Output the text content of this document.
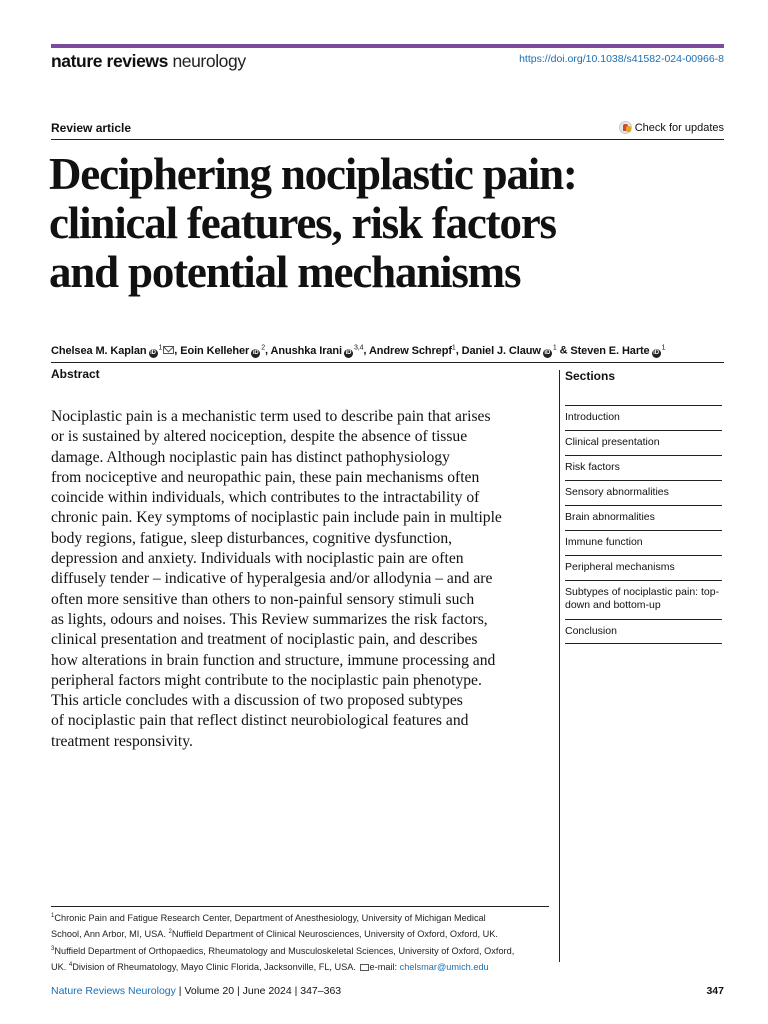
nature reviews neurology	https://doi.org/10.1038/s41582-024-00966-8
Review article	Check for updates
Deciphering nociplastic pain:
clinical features, risk factors
and potential mechanisms
Chelsea M. Kaplan iD$^1$ , Eoin Kelleher iD$^2$, Anushka Irani iD$^{3,4}$, Andrew Schrepf$^1$, Daniel J. Clauw iD$^1$ & Steven E. Harte iD$^1$
Abstract
Nociplastic pain is a mechanistic term used to describe pain that arises
or is sustained by altered nociception, despite the absence of tissue
damage. Although nociplastic pain has distinct pathophysiology
from nociceptive and neuropathic pain, these pain mechanisms often
coincide within individuals, which contributes to the intractability of
chronic pain. Key symptoms of nociplastic pain include pain in multiple
body regions, fatigue, sleep disturbances, cognitive dysfunction,
depression and anxiety. Individuals with nociplastic pain are often
diffusely tender – indicative of hyperalgesia and/or allodynia – and are
often more sensitive than others to non-painful sensory stimuli such
as lights, odours and noises. This Review summarizes the risk factors,
clinical presentation and treatment of nociplastic pain, and describes
how alterations in brain function and structure, immune processing and
peripheral factors might contribute to the nociplastic pain phenotype.
This article concludes with a discussion of two proposed subtypes
of nociplastic pain that reflect distinct neurobiological features and
treatment responsivity.
Sections
Introduction
Clinical presentation
Risk factors
Sensory abnormalities
Brain abnormalities
Immune function
Peripheral mechanisms
Subtypes of nociplastic pain: top-down and bottom-up
Conclusion
$^1$Chronic Pain and Fatigue Research Center, Department of Anesthesiology, University of Michigan Medical
School, Ann Arbor, MI, USA. $^2$Nuffield Department of Clinical Neurosciences, University of Oxford, Oxford, UK.
$^3$Nuffield Department of Orthopaedics, Rheumatology and Musculoskeletal Sciences, University of Oxford, Oxford,
UK. $^4$Division of Rheumatology, Mayo Clinic Florida, Jacksonville, FL, USA. e-mail: chelsmar@umich.edu
Nature Reviews Neurology | Volume 20 | June 2024 | 347–363	347
